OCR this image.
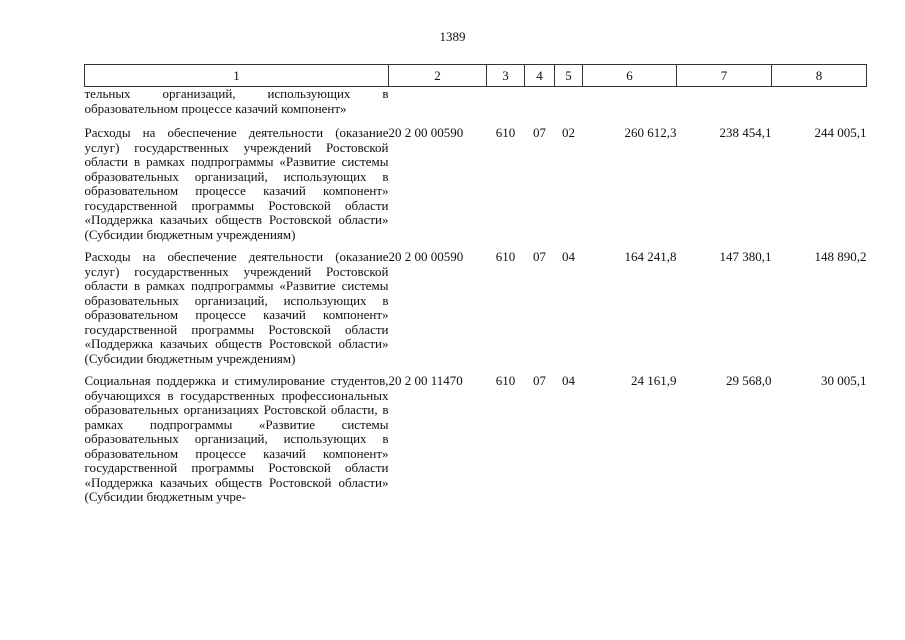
1389
1	2	3	4	5	6	7	8
тельных организаций, использующих в образовательном процессе казачий компонент»							
Расходы на обеспечение деятельности (оказание услуг) государственных учреждений Ростовской области в рамках подпрограммы «Развитие системы образовательных организаций, использующих в образовательном процессе казачий компонент» государственной программы Ростовской области «Поддержка казачьих обществ Ростовской области» (Субсидии бюджетным учреждениям)	20 2 00 00590	610	07	02	260 612,3	238 454,1	244 005,1
Расходы на обеспечение деятельности (оказание услуг) государственных учреждений Ростовской области в рамках подпрограммы «Развитие системы образовательных организаций, использующих в образовательном процессе казачий компонент» государственной программы Ростовской области «Поддержка казачьих обществ Ростовской области» (Субсидии бюджетным учреждениям)	20 2 00 00590	610	07	04	164 241,8	147 380,1	148 890,2
Социальная поддержка и стимулирование студентов, обучающихся в государственных профессиональных образовательных организациях Ростовской области, в рамках подпрограммы «Развитие системы образовательных организаций, использующих в образовательном процессе казачий компонент» государственной программы Ростовской области «Поддержка казачьих обществ Ростовской области» (Субсидии бюджетным учре-	20 2 00 11470	610	07	04	24 161,9	29 568,0	30 005,1
